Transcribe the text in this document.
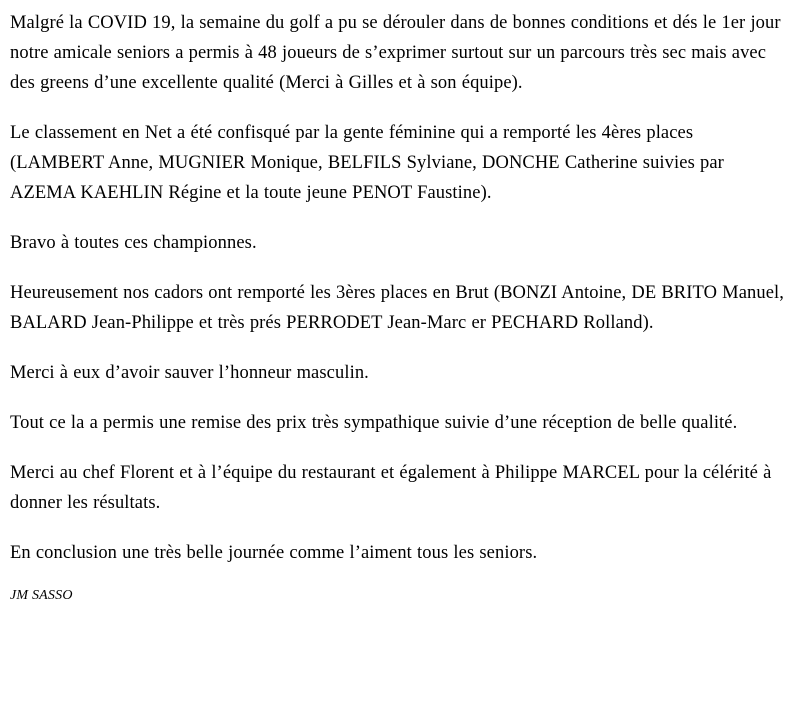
Malgré la COVID 19, la semaine du golf a pu se dérouler dans de bonnes conditions et dés le 1er jour notre amicale seniors a permis à 48 joueurs de s’exprimer surtout sur un parcours très sec mais avec des greens d’une excellente qualité (Merci à Gilles et à son équipe).

Le classement en Net a été confisqué par la gente féminine qui a remporté les 4ères places (LAMBERT Anne, MUGNIER Monique, BELFILS Sylviane, DONCHE Catherine suivies par AZEMA KAEHLIN Régine et la toute jeune PENOT Faustine).

Bravo à toutes ces championnes.

Heureusement nos cadors ont remporté les 3ères places en Brut (BONZI Antoine, DE BRITO Manuel, BALARD Jean-Philippe et très prés PERRODET Jean-Marc er PECHARD Rolland).

Merci à eux d’avoir sauver l’honneur masculin.

Tout ce la a permis une remise des prix très sympathique suivie d’une réception de belle qualité.

Merci au chef Florent et à l’équipe du restaurant et également à Philippe MARCEL pour la célérité à donner les résultats.

En conclusion une très belle journée comme l’aiment tous les seniors.

JM SASSO
